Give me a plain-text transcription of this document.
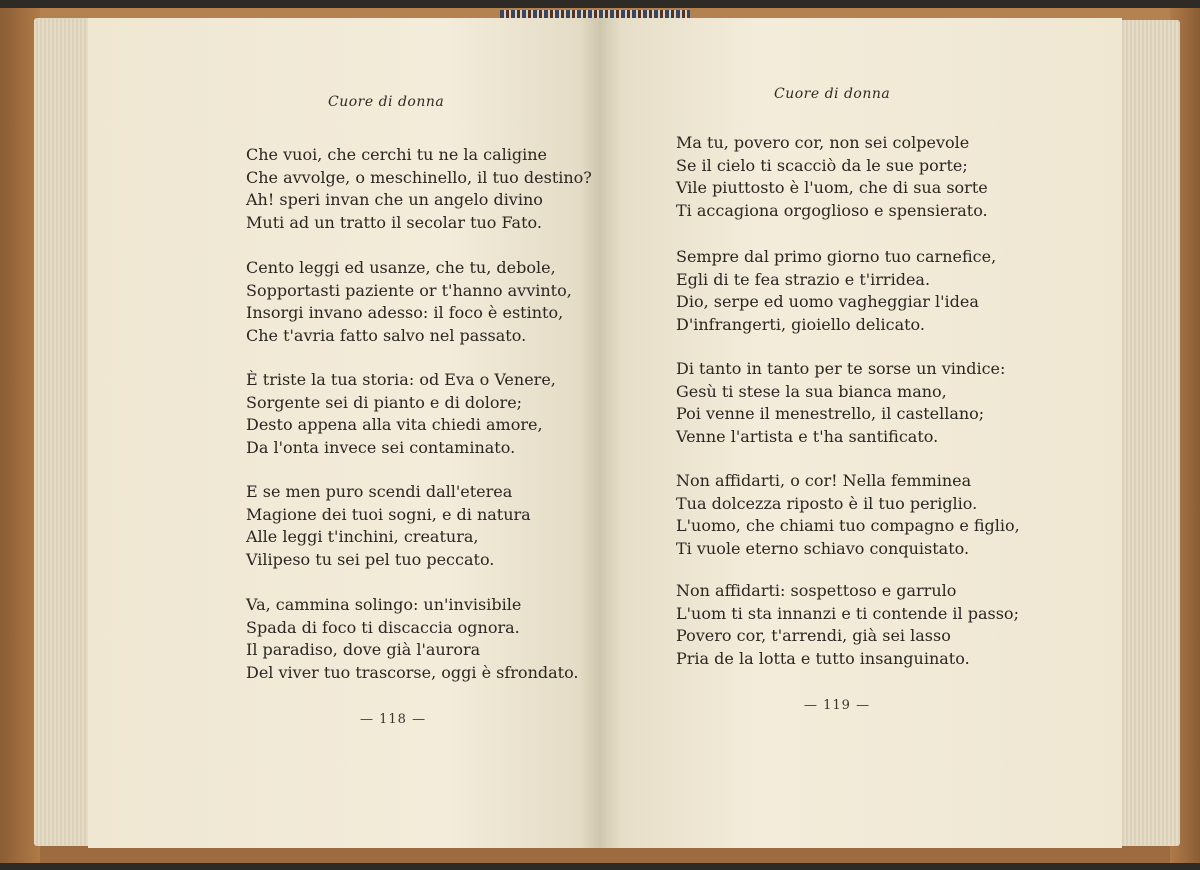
Cuore di donna
Che vuoi, che cerchi tu ne la caligine
Che avvolge, o meschinello, il tuo destino?
Ah! speri invan che un angelo divino
Muti ad un tratto il secolar tuo Fato.
Cento leggi ed usanze, che tu, debole,
Sopportasti paziente or t'hanno avvinto,
Insorgi invano adesso: il foco è estinto,
Che t'avria fatto salvo nel passato.
È triste la tua storia: od Eva o Venere,
Sorgente sei di pianto e di dolore;
Desto appena alla vita chiedi amore,
Da l'onta invece sei contaminato.
E se men puro scendi dall'eterea
Magione dei tuoi sogni, e di natura
Alle leggi t'inchini, creatura,
Vilipeso tu sei pel tuo peccato.
Va, cammina solingo: un'invisibile
Spada di foco ti discaccia ognora.
Il paradiso, dove già l'aurora
Del viver tuo trascorse, oggi è sfrondato.
— 118 —
Cuore di donna
Ma tu, povero cor, non sei colpevole
Se il cielo ti scacciò da le sue porte;
Vile piuttosto è l'uom, che di sua sorte
Ti accagiona orgoglioso e spensierato.
Sempre dal primo giorno tuo carnefice,
Egli di te fea strazio e t'irridea.
Dio, serpe ed uomo vagheggiar l'idea
D'infrangerti, gioiello delicato.
Di tanto in tanto per te sorse un vindice:
Gesù ti stese la sua bianca mano,
Poi venne il menestrello, il castellano;
Venne l'artista e t'ha santificato.
Non affidarti, o cor! Nella femminea
Tua dolcezza riposto è il tuo periglio.
L'uomo, che chiami tuo compagno e figlio,
Ti vuole eterno schiavo conquistato.
Non affidarti: sospettoso e garrulo
L'uom ti sta innanzi e ti contende il passo;
Povero cor, t'arrendi, già sei lasso
Pria de la lotta e tutto insanguinato.
— 119 —
